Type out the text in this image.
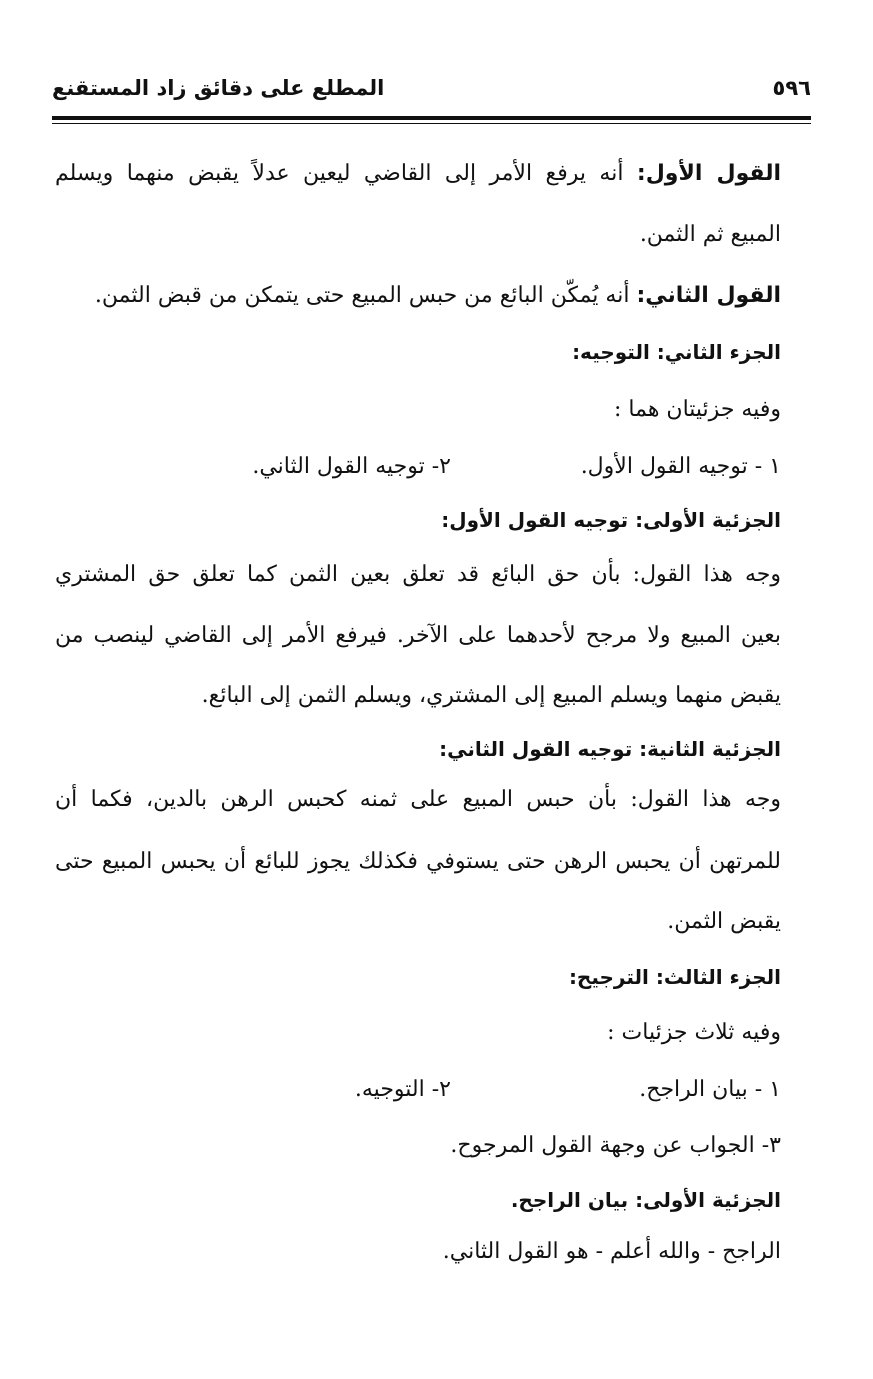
المطلع على دقائق زاد المستقنع	٥٩٦
القول الأول: أنه يرفع الأمر إلى القاضي ليعين عدلاً يقبض منهما ويسلم
المبيع ثم الثمن.
القول الثاني: أنه يُمكّن البائع من حبس المبيع حتى يتمكن من قبض الثمن.
الجزء الثاني: التوجيه:
وفيه جزئيتان هما :
١ - توجيه القول الأول.
٢- توجيه القول الثاني.
الجزئية الأولى: توجيه القول الأول:
وجه هذا القول: بأن حق البائع قد تعلق بعين الثمن كما تعلق حق المشتري
بعين المبيع ولا مرجح لأحدهما على الآخر. فيرفع الأمر إلى القاضي لينصب من
يقبض منهما ويسلم المبيع إلى المشتري، ويسلم الثمن إلى البائع.
الجزئية الثانية: توجيه القول الثاني:
وجه هذا القول: بأن حبس المبيع على ثمنه كحبس الرهن بالدين، فكما أن
للمرتهن أن يحبس الرهن حتى يستوفي فكذلك يجوز للبائع أن يحبس المبيع حتى
يقبض الثمن.
الجزء الثالث: الترجيح:
وفيه ثلاث جزئيات :
١ - بيان الراجح.
٢- التوجيه.
٣- الجواب عن وجهة القول المرجوح.
الجزئية الأولى: بيان الراجح.
الراجح - والله أعلم - هو القول الثاني.
